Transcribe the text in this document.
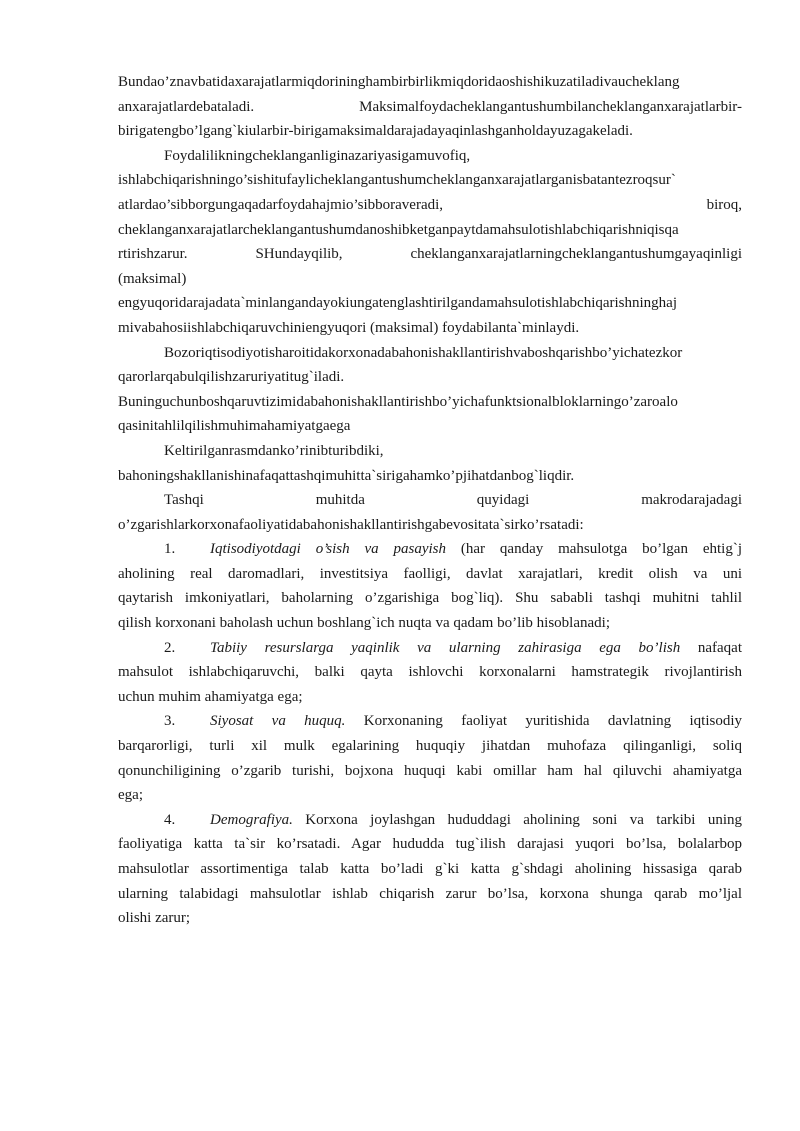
Bundao’znavbatidaxarajatlarmiqdorininghambirbirlikmiqdoridaoshishikuzatiladivaucheklang
anxarajatlardebataladi. Maksimalfoydacheklangantushumbilancheklanganxarajatlarbir-
birigatengbo’lgang`kiularbir-birigamaksimaldarajadayaqinlashganholdayuzagakeladi.
Foydalilikningcheklanganliginazariyasigamuvofiq,
ishlabchiqarishningo’sishitufaylicheklangantushumcheklanganxarajatlarganisbatantezroqsur`
atlardao’sibborgungaqadarfoydahajmio’sibboraveradi, biroq,
cheklanganxarajatlarcheklangantushumdanoshibketganpaytdamahsulotishlabchiqarishniqisqa
rtirishzarur. SHundayqilib, cheklanganxarajatlarningcheklangantushumgayaqinligi
(maksimal)
engyuqoridarajadata`minlangandayokiungatenglashtirilgandamahsulotishlabchiqarishninghaj
mivabahosiishlabchiqaruvchiniengyuqori (maksimal) foydabilanta`minlaydi.
Bozoriqtisodiyotisharoitidakorxonadabahonishakllantirishvaboshqarishbo’yichatezkor
qarorlarqabulqilishzaruriyatitug`iladi.
Buninguchunboshqaruvtizimidabahonishakllantirishbo’yichafunktsionalbloklarningo’zaroalo
qasinitahlilqilishmuhimahamiyatgaega
Keltirilganrasmdanko’rinibturibdiki,
bahoningshakllanishinafaqattashqimuhitta`sirigahamko’pjihatdanbog`liqdir.
Tashqi muhitda quyidagi makrodarajadagi
o’zgarishlarkorxonafaoliyatidabahonishakllantirishgabevositata`sirko’rsatadi:
1. Iqtisodiyotdagi o’sish va pasayish (har qanday mahsulotga bo’lgan ehtig`j
aholining real daromadlari, investitsiya faolligi, davlat xarajatlari, kredit olish va uni
qaytarish imkoniyatlari, baholarning o’zgarishiga bog`liq). Shu sababli tashqi muhitni tahlil
qilish korxonani baholash uchun boshlang`ich nuqta va qadam bo’lib hisoblanadi;
2. Tabiiy resurslarga yaqinlik va ularning zahirasiga ega bo’lish nafaqat
mahsulot ishlabchiqaruvchi, balki qayta ishlovchi korxonalarni hamstrategik rivojlantirish
uchun muhim ahamiyatga ega;
3. Siyosat va huquq. Korxonaning faoliyat yuritishida davlatning iqtisodiy
barqarorligi, turli xil mulk egalarining huquqiy jihatdan muhofaza qilinganligi, soliq
qonunchiligining o’zgarib turishi, bojxona huquqi kabi omillar ham hal qiluvchi ahamiyatga
ega;
4. Demografiya. Korxona joylashgan hududdagi aholining soni va tarkibi uning
faoliyatiga katta ta`sir ko’rsatadi. Agar hududda tug`ilish darajasi yuqori bo’lsa, bolalarbop
mahsulotlar assortimentiga talab katta bo’ladi g`ki katta g`shdagi aholining hissasiga qarab
ularning talabidagi mahsulotlar ishlab chiqarish zarur bo’lsa, korxona shunga qarab mo’ljal
olishi zarur;
